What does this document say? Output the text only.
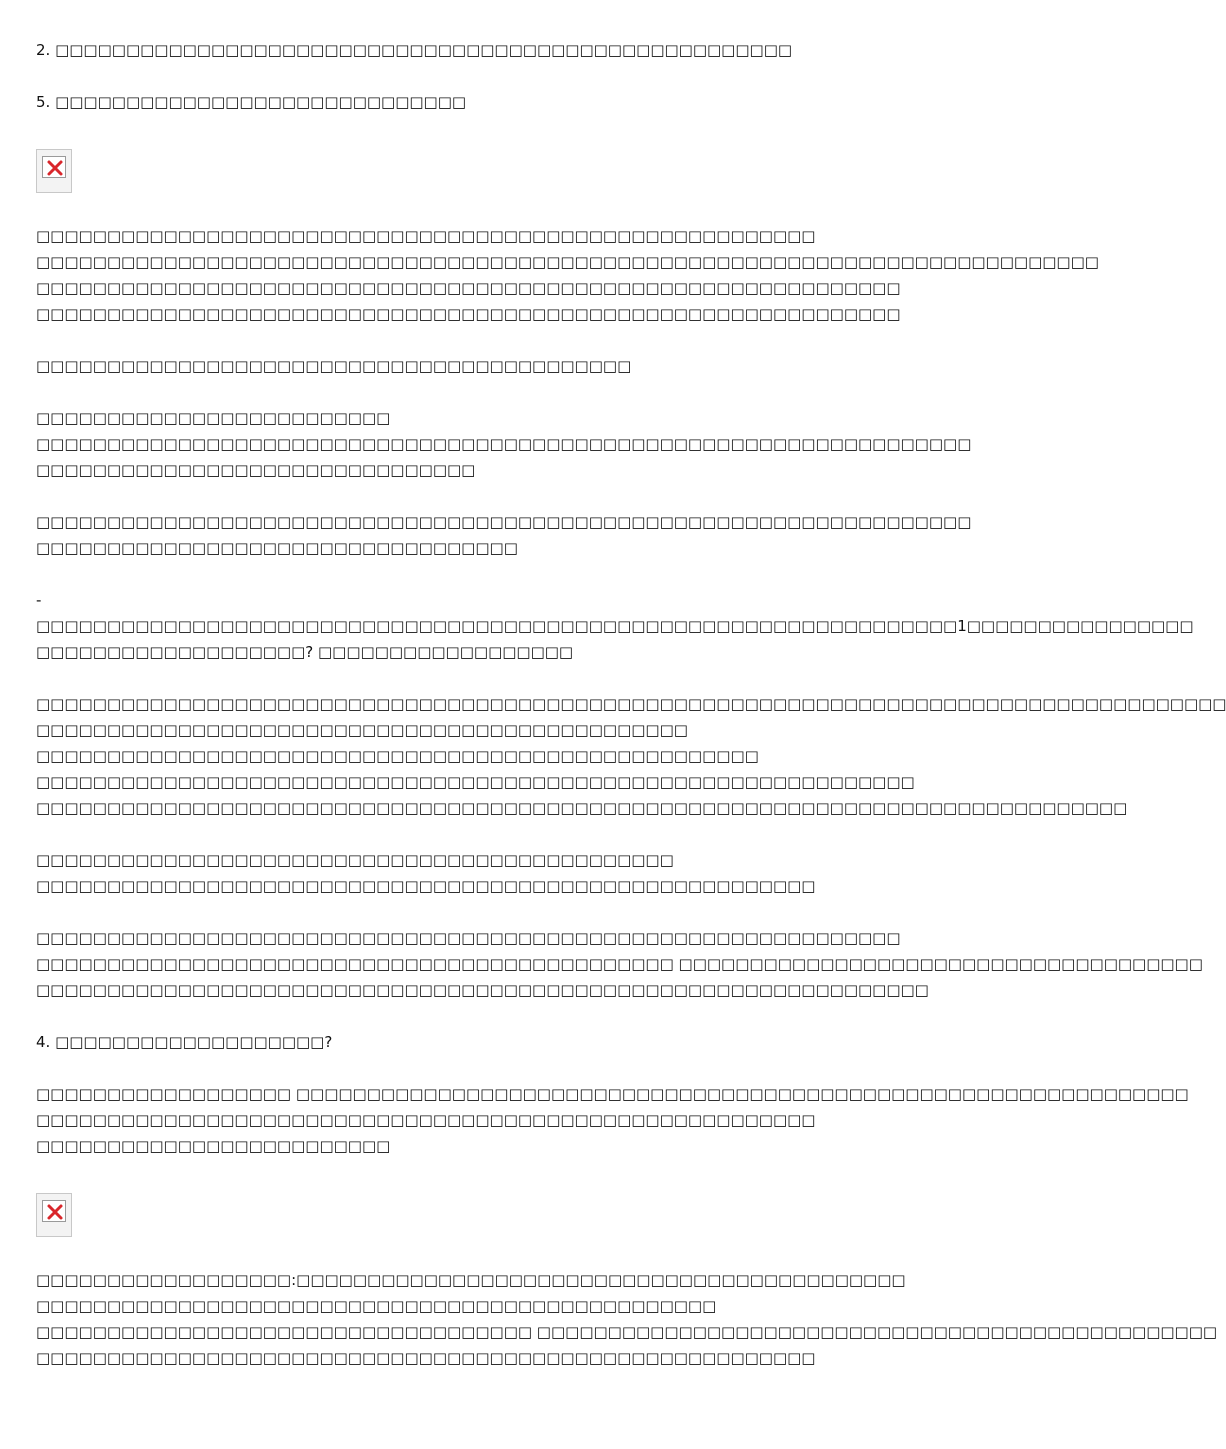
2. □□□□□□□□□□□□□□□□□□□□□□□□□□□□□□□□□□□□□□□□□□□□□□□□□□□□
5. □□□□□□□□□□□□□□□□□□□□□□□□□□□□□
□□□□□□□□□□□□□□□□□□□□□□□□□□□□□□□□□□□□□□□□□□□□□□□□□□□□□□□
□□□□□□□□□□□□□□□□□□□□□□□□□□□□□□□□□□□□□□□□□□□□□□□□□□□□□□□□□□□□□□□□□□□□□□□□□□□
□□□□□□□□□□□□□□□□□□□□□□□□□□□□□□□□□□□□□□□□□□□□□□□□□□□□□□□□□□□□□
□□□□□□□□□□□□□□□□□□□□□□□□□□□□□□□□□□□□□□□□□□□□□□□□□□□□□□□□□□□□□
□□□□□□□□□□□□□□□□□□□□□□□□□□□□□□□□□□□□□□□□□□
□□□□□□□□□□□□□□□□□□□□□□□□□
□□□□□□□□□□□□□□□□□□□□□□□□□□□□□□□□□□□□□□□□□□□□□□□□□□□□□□□□□□□□□□□□□□
□□□□□□□□□□□□□□□□□□□□□□□□□□□□□□□
□□□□□□□□□□□□□□□□□□□□□□□□□□□□□□□□□□□□□□□□□□□□□□□□□□□□□□□□□□□□□□□□□□
□□□□□□□□□□□□□□□□□□□□□□□□□□□□□□□□□□
-
□□□□□□□□□□□□□□□□□□□□□□□□□□□□□□□□□□□□□□□□□□□□□□□□□□□□□□□□□□□□□□□□□1□□□□□□□□□□□□□□□□
□□□□□□□□□□□□□□□□□□□? □□□□□□□□□□□□□□□□□□
□□□□□□□□□□□□□□□□□□□□□□□□□□□□□□□□□□□□□□□□□□□□□□□□□□□□□□□□□□□□□□□□□□□□□□□□□□□□□□□□□□□□
□□□□□□□□□□□□□□□□□□□□□□□□□□□□□□□□□□□□□□□□□□□□□□
□□□□□□□□□□□□□□□□□□□□□□□□□□□□□□□□□□□□□□□□□□□□□□□□□□□
□□□□□□□□□□□□□□□□□□□□□□□□□□□□□□□□□□□□□□□□□□□□□□□□□□□□□□□□□□□□□□
□□□□□□□□□□□□□□□□□□□□□□□□□□□□□□□□□□□□□□□□□□□□□□□□□□□□□□□□□□□□□□□□□□□□□□□□□□□□□
□□□□□□□□□□□□□□□□□□□□□□□□□□□□□□□□□□□□□□□□□□□□□
□□□□□□□□□□□□□□□□□□□□□□□□□□□□□□□□□□□□□□□□□□□□□□□□□□□□□□□
□□□□□□□□□□□□□□□□□□□□□□□□□□□□□□□□□□□□□□□□□□□□□□□□□□□□□□□□□□□□□
□□□□□□□□□□□□□□□□□□□□□□□□□□□□□□□□□□□□□□□□□□□□□ □□□□□□□□□□□□□□□□□□□□□□□□□□□□□□□□□□□□□
□□□□□□□□□□□□□□□□□□□□□□□□□□□□□□□□□□□□□□□□□□□□□□□□□□□□□□□□□□□□□□□
4. □□□□□□□□□□□□□□□□□□□?
□□□□□□□□□□□□□□□□□□ □□□□□□□□□□□□□□□□□□□□□□□□□□□□□□□□□□□□□□□□□□□□□□□□□□□□□□□□□□□□□□□
□□□□□□□□□□□□□□□□□□□□□□□□□□□□□□□□□□□□□□□□□□□□□□□□□□□□□□□
□□□□□□□□□□□□□□□□□□□□□□□□□
□□□□□□□□□□□□□□□□□□:□□□□□□□□□□□□□□□□□□□□□□□□□□□□□□□□□□□□□□□□□□□
□□□□□□□□□□□□□□□□□□□□□□□□□□□□□□□□□□□□□□□□□□□□□□□□
□□□□□□□□□□□□□□□□□□□□□□□□□□□□□□□□□□□ □□□□□□□□□□□□□□□□□□□□□□□□□□□□□□□□□□□□□□□□□□□□□□□□
□□□□□□□□□□□□□□□□□□□□□□□□□□□□□□□□□□□□□□□□□□□□□□□□□□□□□□□
